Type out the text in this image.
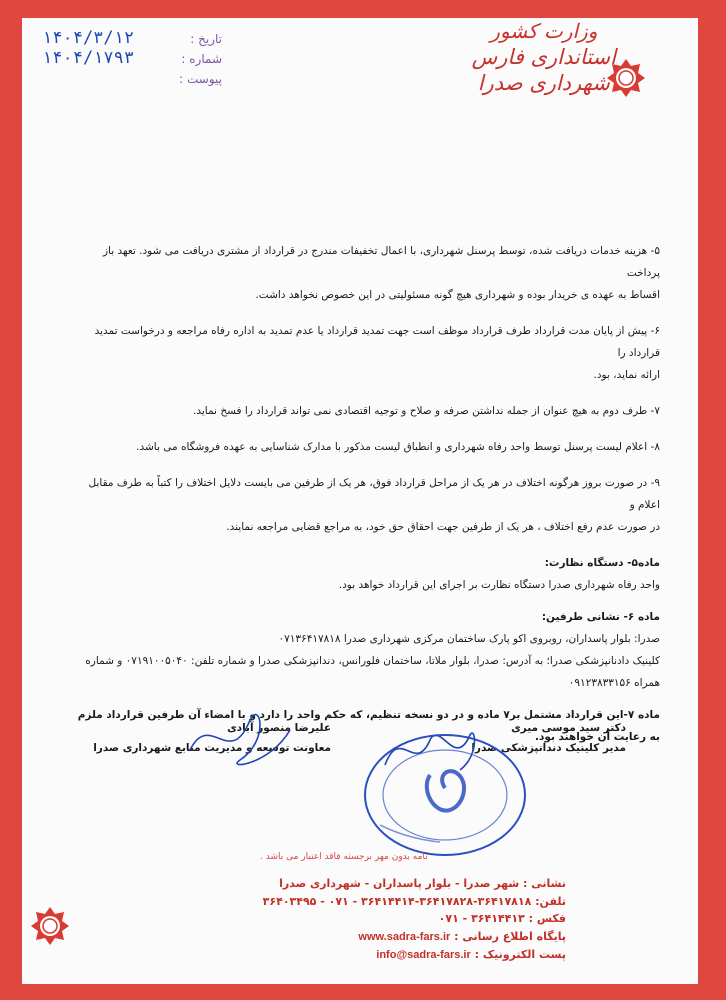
وزارت کشور
استانداری فارس
شهرداری صدرا
تاریخ :
۱۴۰۴/۳/۱۲
شماره :
۱۴۰۴/۱۷۹۳
پیوست :

۵- هزینه خدمات دریافت شده، توسط پرسنل شهرداری، با اعمال تخفیفات مندرج در قرارداد از مشتری دریافت می شود. تعهد باز پرداخت
اقساط به عهده ی خریدار بوده و شهرداری هیچ گونه مسئولیتی در این خصوص نخواهد داشت.

۶- پیش از پایان مدت قرارداد طرف قرارداد موظف است جهت تمدید قرارداد یا عدم تمدید به اداره رفاه مراجعه و درخواست تمدید قرارداد را
ارائه نماید، بود.

۷- طرف دوم به هیچ عنوان از جمله نداشتن صرفه و صلاح و توجیه اقتصادی نمی تواند قرارداد را فسخ نماید.

۸- اعلام لیست پرسنل توسط واحد رفاه شهرداری و انطباق لیست مذکور با مدارک شناسایی به عهده فروشگاه می باشد.

۹- در صورت بروز هرگونه اختلاف در هر یک از مراحل قرارداد فوق، هر یک از طرفین می بایست دلایل اختلاف را کتباً به طرف مقابل اعلام و
در صورت عدم رفع اختلاف ، هر یک از طرفین جهت احقاق حق خود، به مراجع قضایی مراجعه نمایند.

ماده۵- دستگاه نظارت:
واحد رفاه شهرداری صدرا دستگاه نظارت بر اجرای این قرارداد خواهد بود.

ماده ۶- نشانی طرفین:
صدرا: بلوار پاسداران، روبروی اکو پارک ساختمان مرکزی شهرداری صدرا ۰۷۱۳۶۴۱۷۸۱۸
کلینیک دادنانپزشکی صدرا؛ به آدرس: صدرا، بلوار ملاتا، ساختمان فلورانس، دندانپزشکی صدرا و شماره تلفن: ۰۷۱۹۱۰۰۵۰۴۰ و شماره
همراه ۰۹۱۲۳۸۳۳۱۵۶

ماده ۷-این قرارداد مشتمل بر۷ ماده و در دو نسخه تنظیم، که حکم واحد را دارد و با امضاء آن طرفین قرارداد ملزم به رعایت آن خواهند بود.

علیرضا منصور آبادی
معاونت توسعه و مدیریت منابع شهرداری صدرا
دکتر سید موسی میری
مدیر کلینیک دندانپزشکی صدرا
نامه بدون مهر برجسته فاقد اعتبار می باشد .
نشانی : شهر صدرا - بلوار پاسداران - شهرداری صدرا
تلفن: ۳۶۴۱۷۸۱۸-۳۶۴۱۷۸۲۸-۳۶۴۱۴۴۱۴ - ۰۷۱ - ۳۶۴۰۳۴۹۵
فکس : ۳۶۴۱۴۴۱۳ - ۰۷۱
پایگاه اطلاع رسانی : www.sadra-fars.ir
پست الکترونیک : info@sadra-fars.ir
